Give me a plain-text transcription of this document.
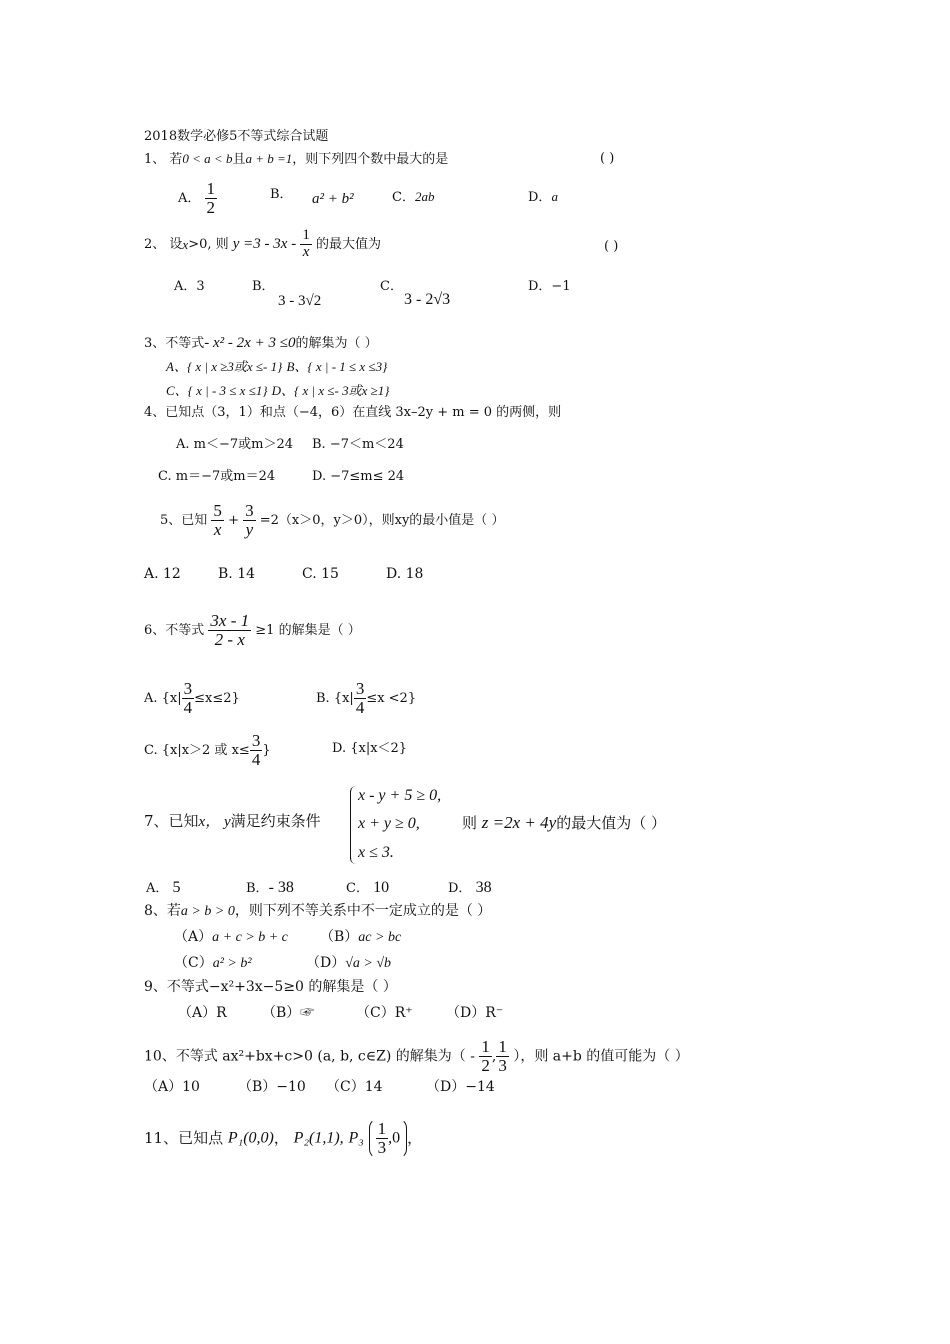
2018数学必修5不等式综合试题
1、 若0 < a < b且a + b =1，则下列四个数中最大的是	( )
A． $\frac{1}{2}$	B． a² + b²	C．2ab	D．a
2、 设x>0, 则 $y =3 - 3x - \frac{1}{x}$ 的最大值为	( )
A．3	B．
3 - 3√2
C．
3 - 2√3
D．−1
3、不等式- x² - 2x + 3 ≤0的解集为（ ）
A、{ x | x ≥3或x ≤- 1} B、{ x | - 1 ≤ x ≤3}
C、{ x | - 3 ≤ x ≤1} D、{ x | x ≤- 3或x ≥1}
4、已知点（3，1）和点（−4，6）在直线 3x–2y + m = 0 的两侧，则
A. m＜−7或m＞24 B. −7＜m＜24
C. m＝−7或m＝24	D. −7≤m≤ 24
5、已知 $\frac{5}{x} + \frac{3}{y} =2(x>0$，y＞0），则xy的最小值是（ ）
A. 12	B. 14	C. 15	D. 18
6、不等式 $\frac{3x - 1}{2 - x} \ge 1$ 的解集是（ ）
A. $\{x| \frac{3}{4} \le x\le 2\}$	B. $\{x| \frac{3}{4} \le x <2\}$
C. {x|x＞2 或 $x\le \frac{3}{4}$ }	D. {x|x＜2}
7、已知x， y满足约束条件
x - y + 5 ≥ 0,
x + y ≥ 0,
x ≤ 3.
则 z =2x + 4y的最大值为（ ）
A． 5	B．- 38	C． 10	D． 38
8、若a > b > 0，则下列不等关系中不一定成立的是（ ）
（A）a + c > b + c （B）ac > bc
（C）a² > b²	（D）√a > √b
9、不等式−x²+3x−5≥0 的解集是（ ）
（A）R	（B）☞	（C）R⁺ （D）R⁻
10、不等式 ax²+bx+c>0 (a, b, c∈Z) 的解集为（ - $\frac{1}{2}$ , $\frac{1}{3}$ ），则 a+b 的值可能为（ ）
（A）10	（B）−10 （C）14	（D）−14
11、已知点 P₁(0,0)， P₂(1,1), $P_3 \frac{1}{3} ,0$ ，
